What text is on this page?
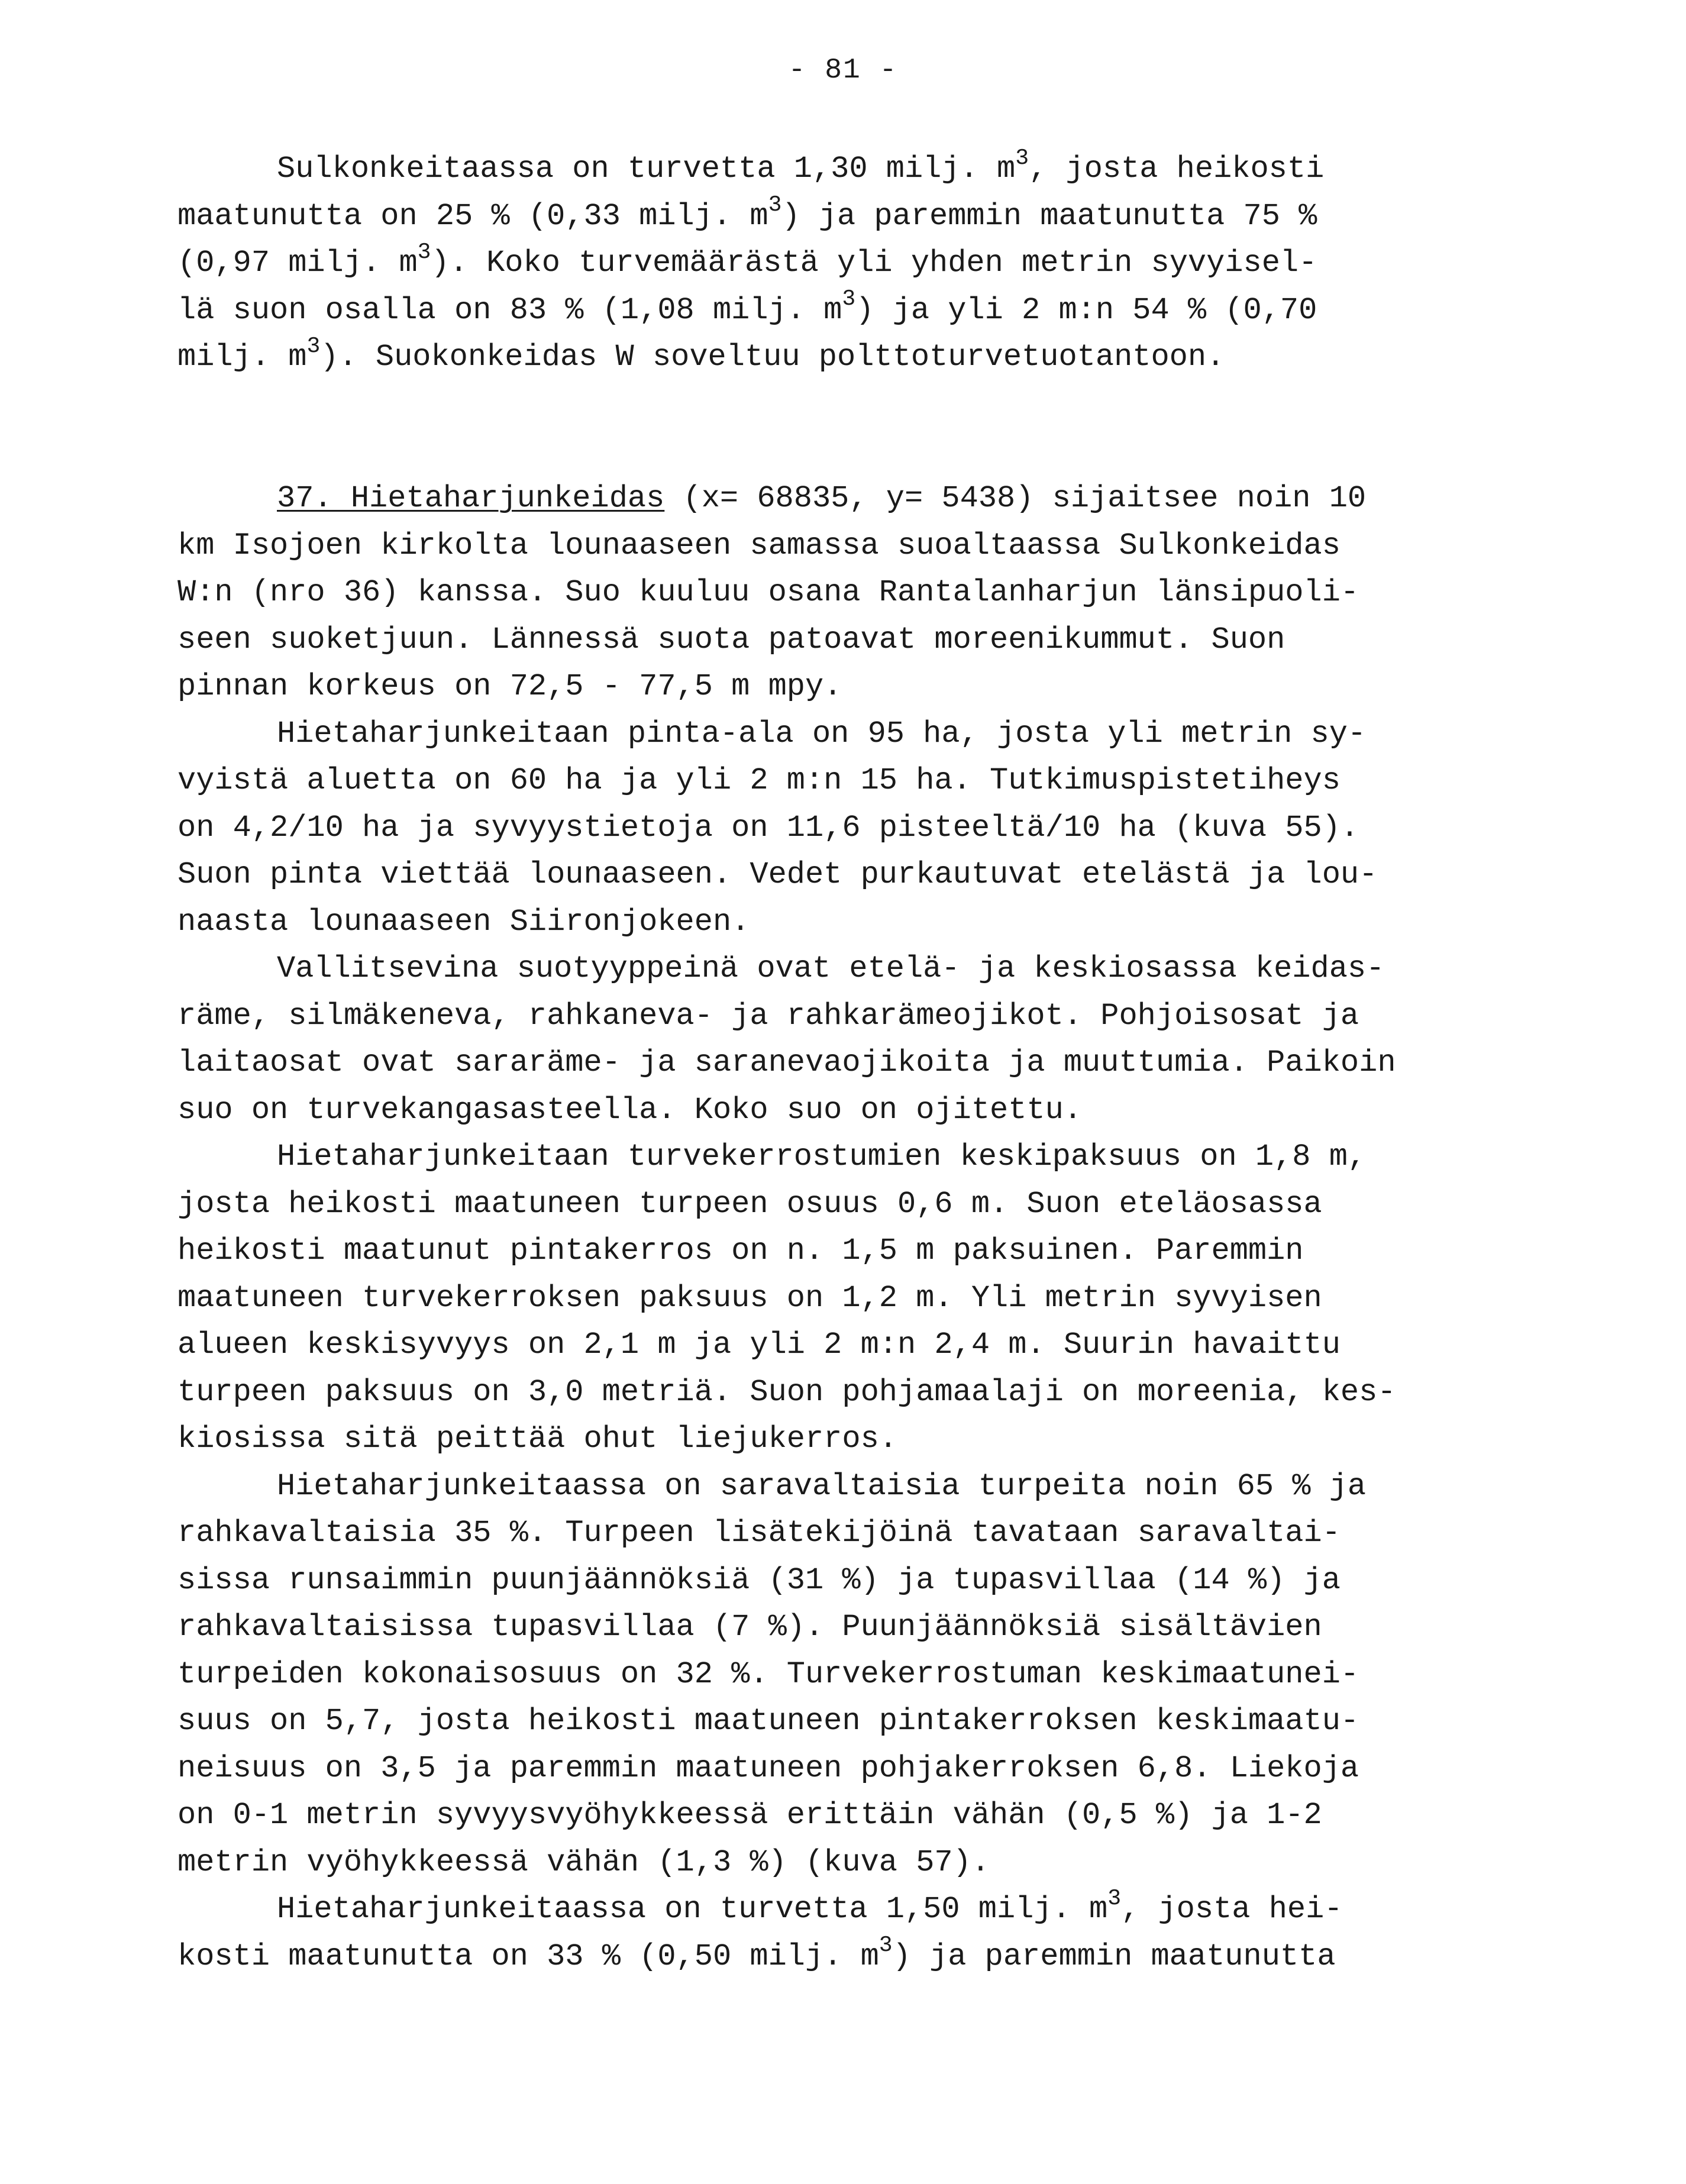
- 81 -
Sulkonkeitaassa on turvetta 1,30 milj. $m^3$, josta heikosti
maatunutta on 25 % (0,33 milj. $m^3$) ja paremmin maatunutta 75 %
(0,97 milj. $m^3$). Koko turvemäärästä yli yhden metrin syvyisel-
lä suon osalla on 83 % (1,08 milj. $m^3$) ja yli 2 m:n 54 % (0,70
milj. $m^3$). Suokonkeidas W soveltuu polttoturvetuotantoon.
37. Hietaharjunkeidas (x= 68835, y= 5438) sijaitsee noin 10
km Isojoen kirkolta lounaaseen samassa suoaltaassa Sulkonkeidas
W:n (nro 36) kanssa. Suo kuuluu osana Rantalanharjun länsipuoli-
seen suoketjuun. Lännessä suota patoavat moreenikummut. Suon
pinnan korkeus on 72,5 - 77,5 m mpy.
Hietaharjunkeitaan pinta-ala on 95 ha, josta yli metrin sy-
vyistä aluetta on 60 ha ja yli 2 m:n 15 ha. Tutkimuspistetiheys
on 4,2/10 ha ja syvyystietoja on 11,6 pisteeltä/10 ha (kuva 55).
Suon pinta viettää lounaaseen. Vedet purkautuvat etelästä ja lou-
naasta lounaaseen Siironjokeen.
Vallitsevina suotyyppeinä ovat etelä- ja keskiosassa keidas-
räme, silmäkeneva, rahkaneva- ja rahkarämeojikot. Pohjoisosat ja
laitaosat ovat sararäme- ja saranevaojikoita ja muuttumia. Paikoin
suo on turvekangasasteella. Koko suo on ojitettu.
Hietaharjunkeitaan turvekerrostumien keskipaksuus on 1,8 m,
josta heikosti maatuneen turpeen osuus 0,6 m. Suon eteläosassa
heikosti maatunut pintakerros on n. 1,5 m paksuinen. Paremmin
maatuneen turvekerroksen paksuus on 1,2 m. Yli metrin syvyisen
alueen keskisyvyys on 2,1 m ja yli 2 m:n 2,4 m. Suurin havaittu
turpeen paksuus on 3,0 metriä. Suon pohjamaalaji on moreenia, kes-
kiosissa sitä peittää ohut liejukerros.
Hietaharjunkeitaassa on saravaltaisia turpeita noin 65 % ja
rahkavaltaisia 35 %. Turpeen lisätekijöinä tavataan saravaltai-
sissa runsaimmin puunjäännöksiä (31 %) ja tupasvillaa (14 %) ja
rahkavaltaisissa tupasvillaa (7 %). Puunjäännöksiä sisältävien
turpeiden kokonaisosuus on 32 %. Turvekerrostuman keskimaatunei-
suus on 5,7, josta heikosti maatuneen pintakerroksen keskimaatu-
neisuus on 3,5 ja paremmin maatuneen pohjakerroksen 6,8. Liekoja
on 0-1 metrin syvyysvyöhykkeessä erittäin vähän (0,5 %) ja 1-2
metrin vyöhykkeessä vähän (1,3 %) (kuva 57).
Hietaharjunkeitaassa on turvetta 1,50 milj. $m^3$, josta hei-
kosti maatunutta on 33 % (0,50 milj. $m^3$) ja paremmin maatunutta
